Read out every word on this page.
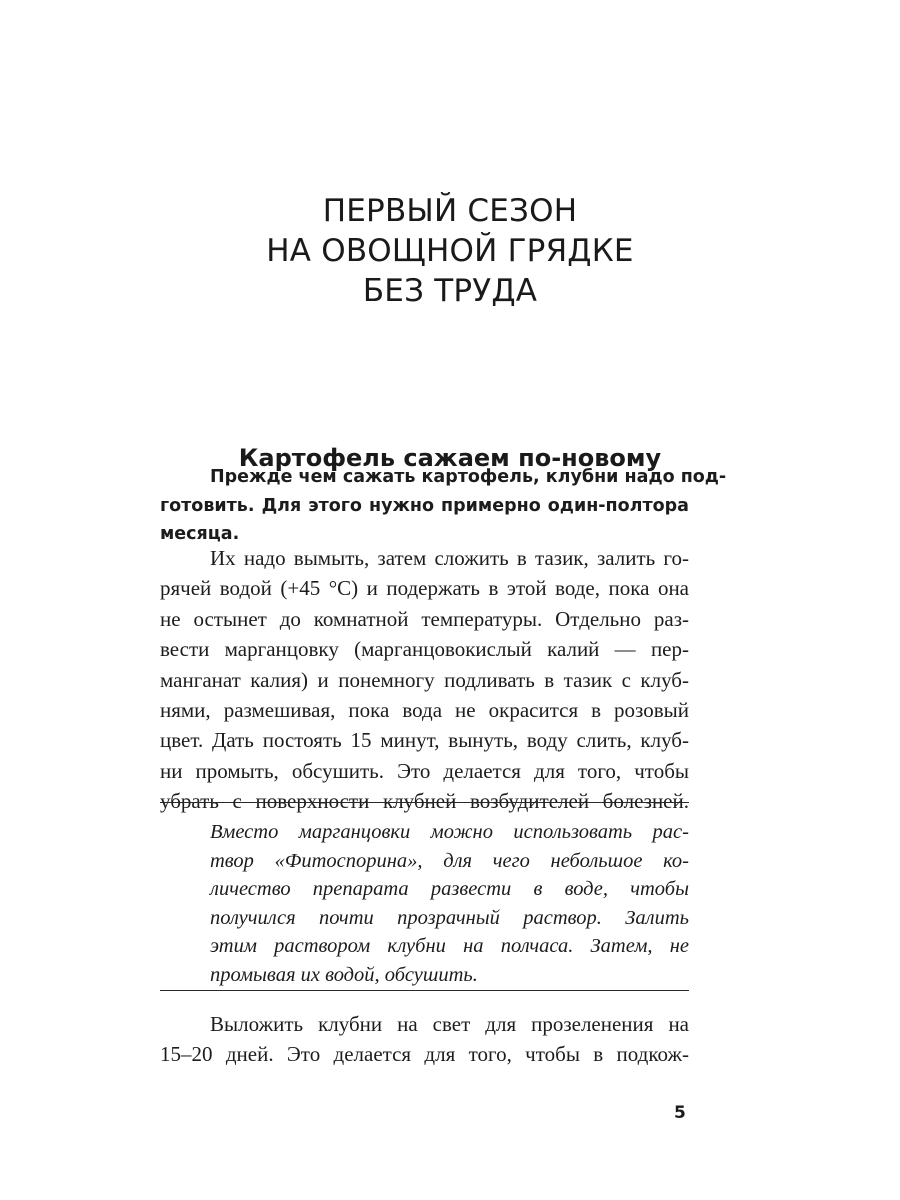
ПЕРВЫЙ СЕЗОН
НА ОВОЩНОЙ ГРЯДКЕ
БЕЗ ТРУДА
Картофель сажаем по-новому
Прежде чем сажать картофель, клубни надо под-
готовить. Для этого нужно примерно один-полтора
месяца.
Их надо вымыть, затем сложить в тазик, залить го-
рячей водой (+45 °С) и подержать в этой воде, пока она
не остынет до комнатной температуры. Отдельно раз-
вести марганцовку (марганцовокислый калий — пер-
манганат калия) и понемногу подливать в тазик с клуб-
нями, размешивая, пока вода не окрасится в розовый
цвет. Дать постоять 15 минут, вынуть, воду слить, клуб-
ни промыть, обсушить. Это делается для того, чтобы
убрать с поверхности клубней возбудителей болезней.
Вместо марганцовки можно использовать рас-
твор «Фитоспорина», для чего небольшое ко-
личество препарата развести в воде, чтобы
получился почти прозрачный раствор. Залить
этим раствором клубни на полчаса. Затем, не
промывая их водой, обсушить.
Выложить клубни на свет для прозеленения на
15–20 дней. Это делается для того, чтобы в подкож-
5
